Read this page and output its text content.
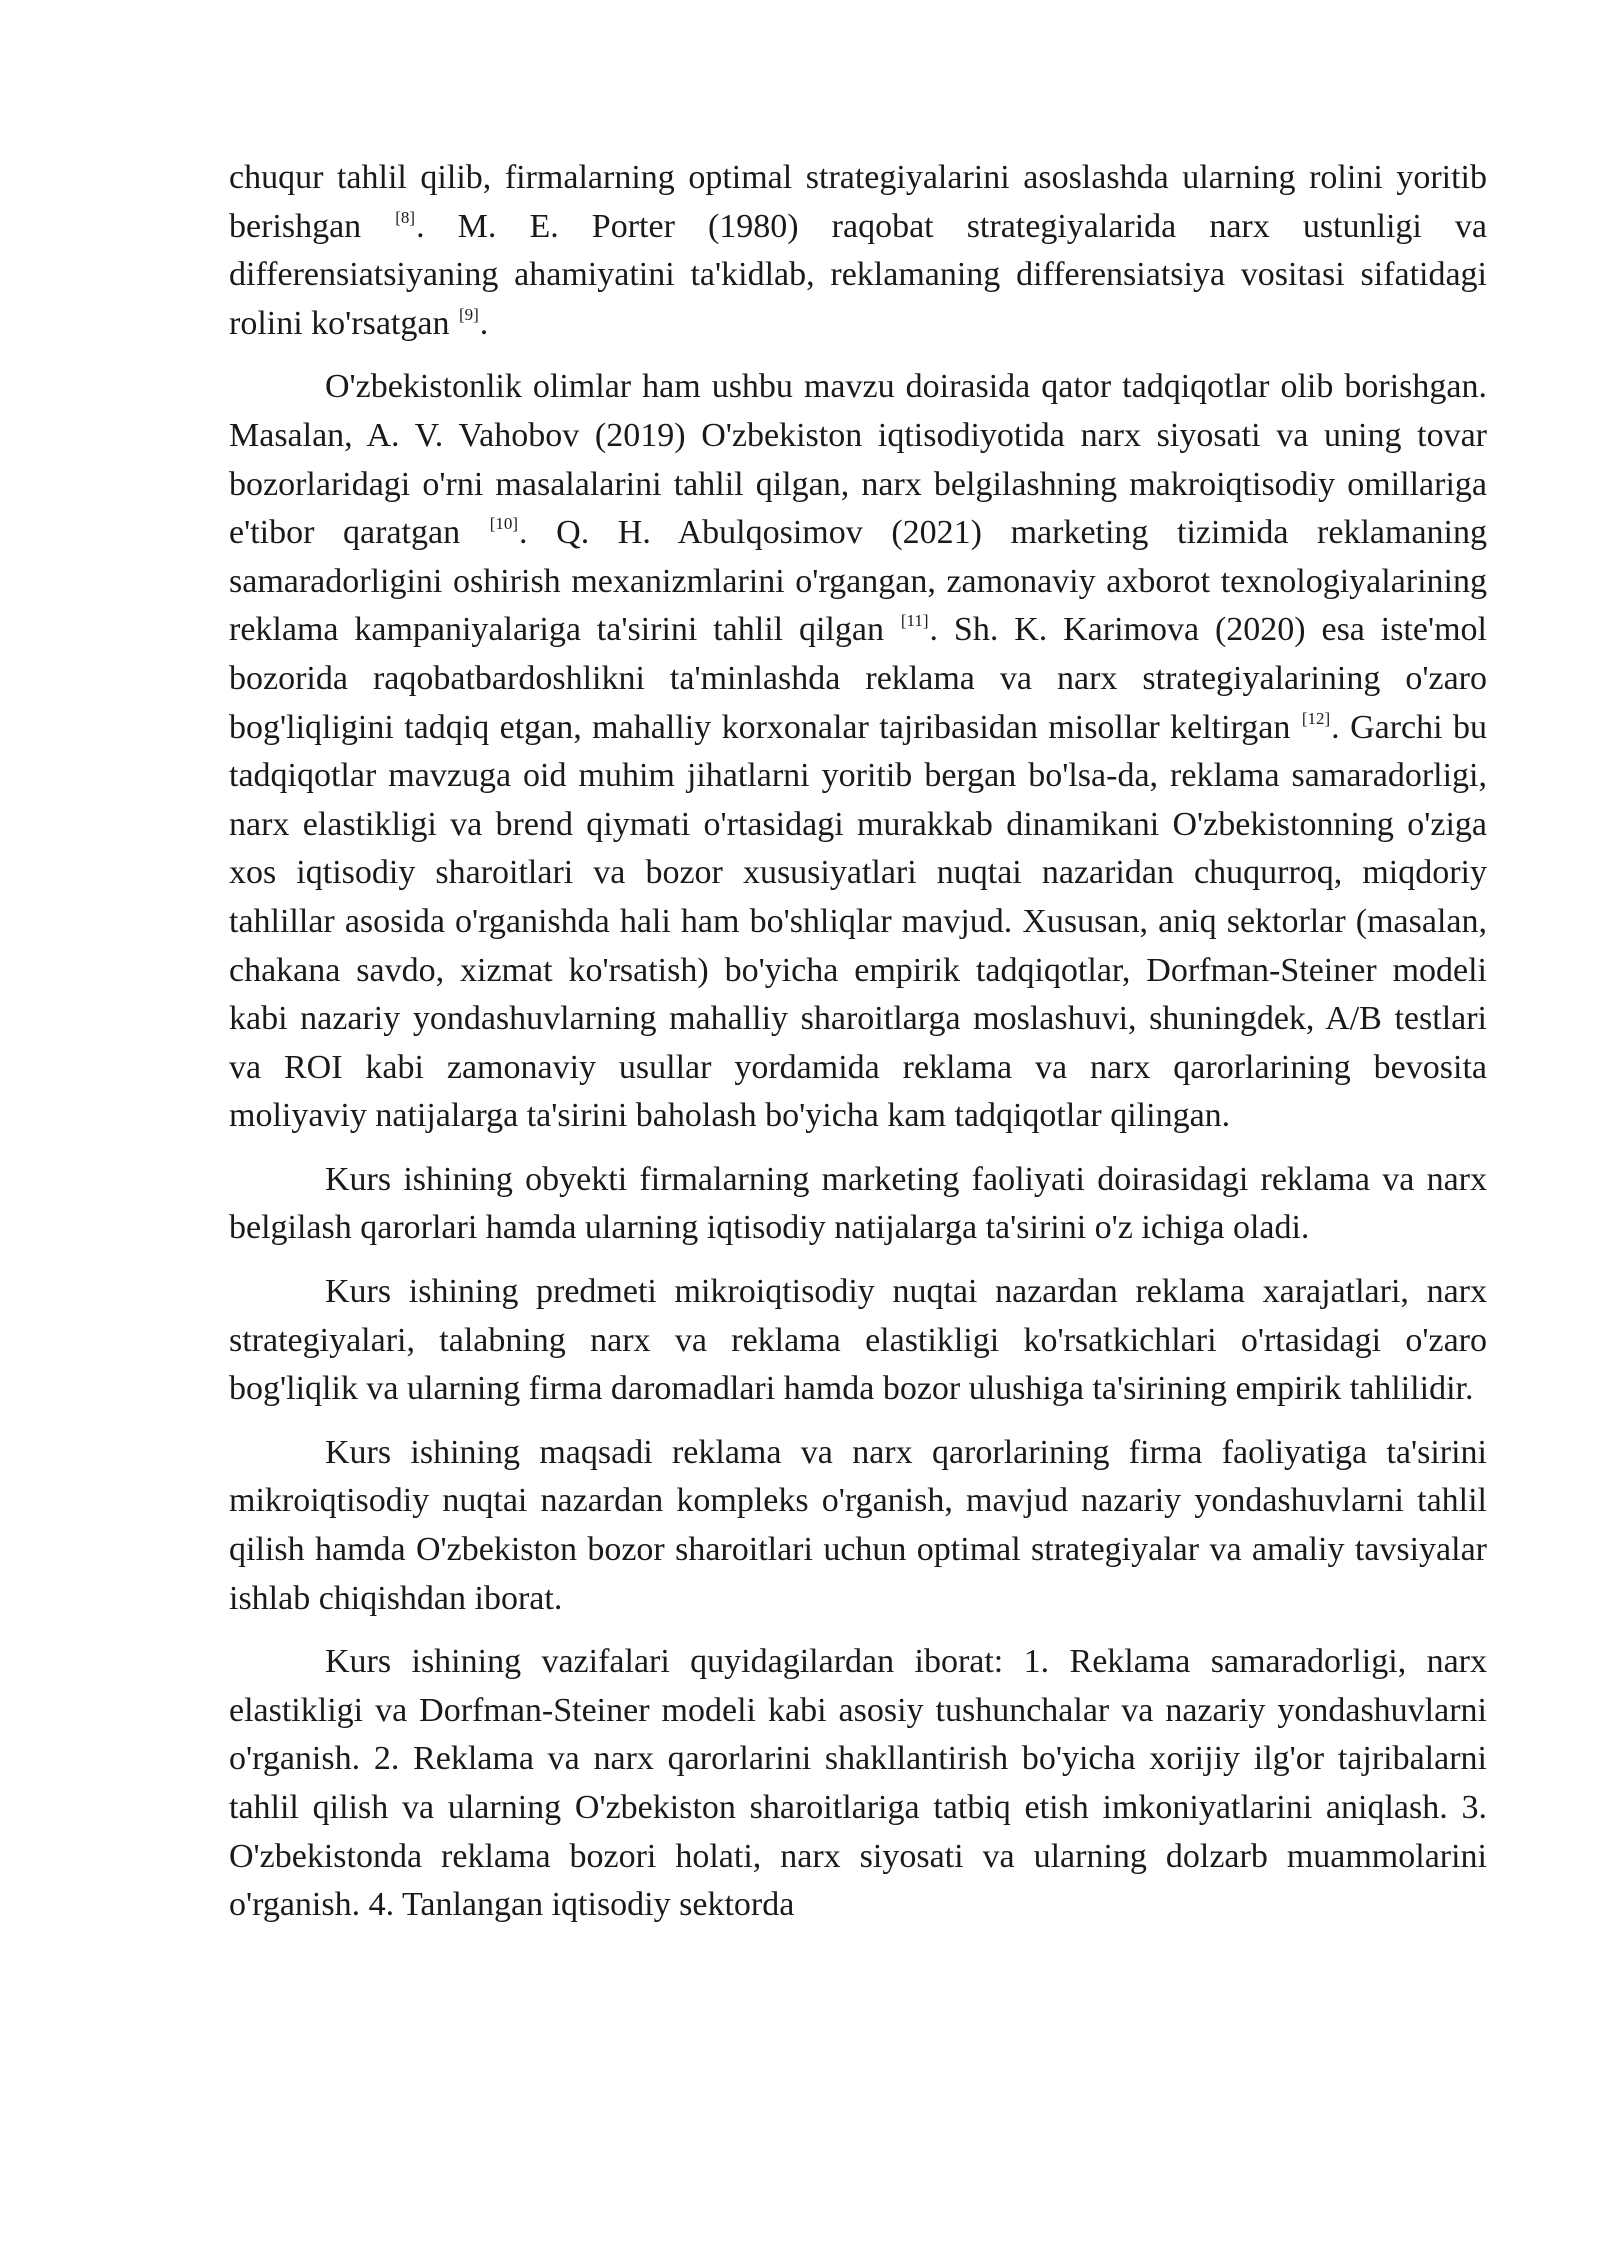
chuqur tahlil qilib, firmalarning optimal strategiyalarini asoslashda ularning rolini yoritib berishgan [8]. M. E. Porter (1980) raqobat strategiyalarida narx ustunligi va differensiatsiyaning ahamiyatini ta'kidlab, reklamaning differensiatsiya vositasi sifatidagi rolini ko'rsatgan [9].

O'zbekistonlik olimlar ham ushbu mavzu doirasida qator tadqiqotlar olib borishgan. Masalan, A. V. Vahobov (2019) O'zbekiston iqtisodiyotida narx siyosati va uning tovar bozorlaridagi o'rni masalalarini tahlil qilgan, narx belgilashning makroiqtisodiy omillariga e'tibor qaratgan [10]. Q. H. Abulqosimov (2021) marketing tizimida reklamaning samaradorligini oshirish mexanizmlarini o'rgangan, zamonaviy axborot texnologiyalarining reklama kampaniyalariga ta'sirini tahlil qilgan [11]. Sh. K. Karimova (2020) esa iste'mol bozorida raqobatbardoshlikni ta'minlashda reklama va narx strategiyalarining o'zaro bog'liqligini tadqiq etgan, mahalliy korxonalar tajribasidan misollar keltirgan [12]. Garchi bu tadqiqotlar mavzuga oid muhim jihatlarni yoritib bergan bo'lsa-da, reklama samaradorligi, narx elastikligi va brend qiymati o'rtasidagi murakkab dinamikani O'zbekistonning o'ziga xos iqtisodiy sharoitlari va bozor xususiyatlari nuqtai nazaridan chuqurroq, miqdoriy tahlillar asosida o'rganishda hali ham bo'shliqlar mavjud. Xususan, aniq sektorlar (masalan, chakana savdo, xizmat ko'rsatish) bo'yicha empirik tadqiqotlar, Dorfman-Steiner modeli kabi nazariy yondashuvlarning mahalliy sharoitlarga moslashuvi, shuningdek, A/B testlari va ROI kabi zamonaviy usullar yordamida reklama va narx qarorlarining bevosita moliyaviy natijalarga ta'sirini baholash bo'yicha kam tadqiqotlar qilingan.

Kurs ishining obyekti firmalarning marketing faoliyati doirasidagi reklama va narx belgilash qarorlari hamda ularning iqtisodiy natijalarga ta'sirini o'z ichiga oladi.

Kurs ishining predmeti mikroiqtisodiy nuqtai nazardan reklama xarajatlari, narx strategiyalari, talabning narx va reklama elastikligi ko'rsatkichlari o'rtasidagi o'zaro bog'liqlik va ularning firma daromadlari hamda bozor ulushiga ta'sirining empirik tahlilidir.

Kurs ishining maqsadi reklama va narx qarorlarining firma faoliyatiga ta'sirini mikroiqtisodiy nuqtai nazardan kompleks o'rganish, mavjud nazariy yondashuvlarni tahlil qilish hamda O'zbekiston bozor sharoitlari uchun optimal strategiyalar va amaliy tavsiyalar ishlab chiqishdan iborat.

Kurs ishining vazifalari quyidagilardan iborat: 1. Reklama samaradorligi, narx elastikligi va Dorfman-Steiner modeli kabi asosiy tushunchalar va nazariy yondashuvlarni o'rganish. 2. Reklama va narx qarorlarini shakllantirish bo'yicha xorijiy ilg'or tajribalarni tahlil qilish va ularning O'zbekiston sharoitlariga tatbiq etish imkoniyatlarini aniqlash. 3. O'zbekistonda reklama bozori holati, narx siyosati va ularning dolzarb muammolarini o'rganish. 4. Tanlangan iqtisodiy sektorda
